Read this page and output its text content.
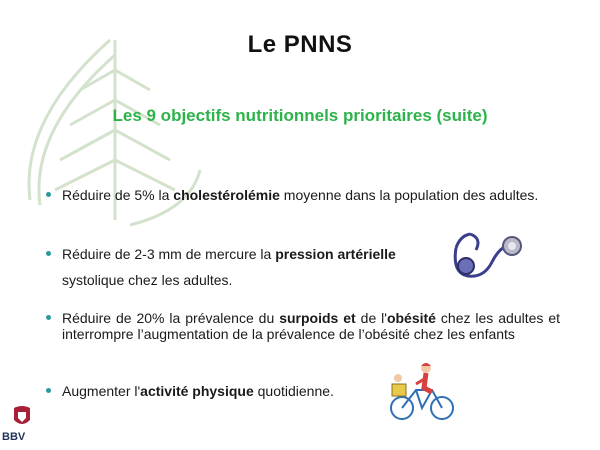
Le PNNS
Les 9 objectifs nutritionnels prioritaires (suite)
Réduire de 5% la cholestérolémie moyenne dans la population des adultes.
Réduire de 2-3 mm de mercure la pression artérielle
systolique chez les adultes.
Réduire de 20% la prévalence du surpoids et de l'obésité chez les adultes et interrompre l’augmentation de la prévalence de l’obésité chez les enfants
Augmenter l'activité physique quotidienne.
BBV
